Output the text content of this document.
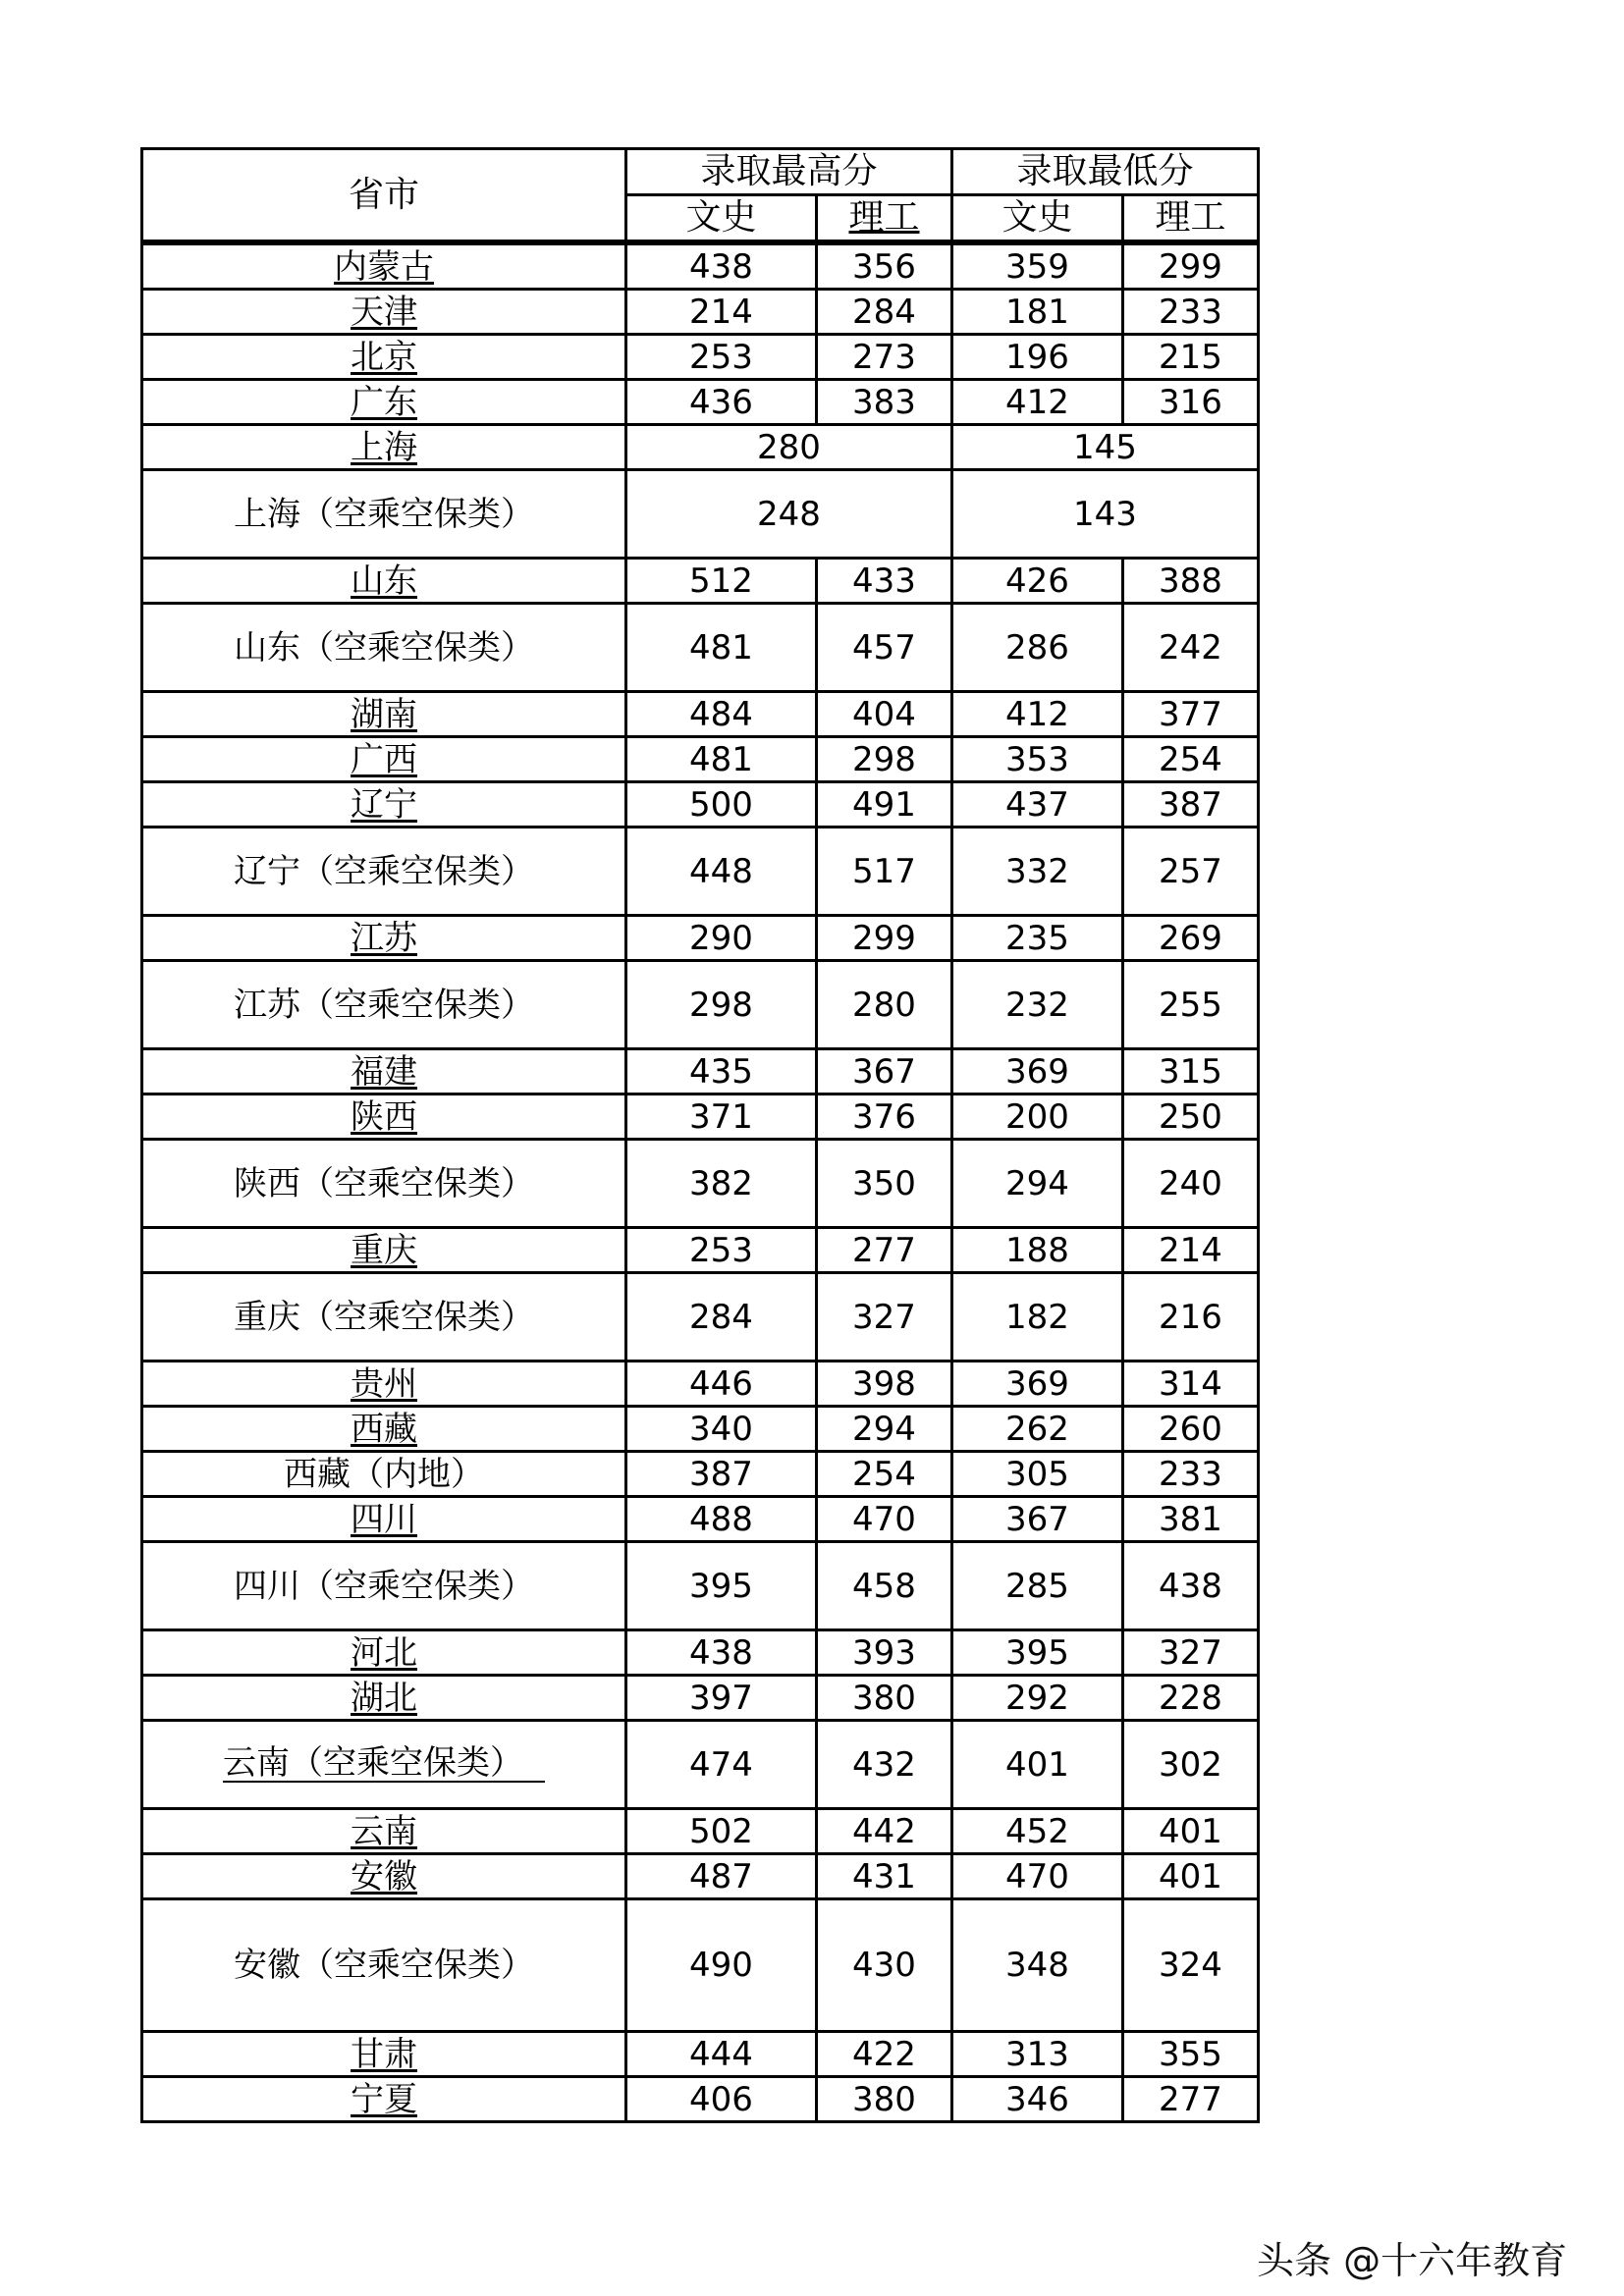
省市	录取最高分		录取最低分	
	文史	理工	文史	理工
内蒙古	438	356	359	299
天津	214	284	181	233
北京	253	273	196	215
广东	436	383	412	316
上海	280		145	
上海（空乘空保类）	248		143	
山东	512	433	426	388
山东（空乘空保类）	481	457	286	242
湖南	484	404	412	377
广西	481	298	353	254
辽宁	500	491	437	387
辽宁（空乘空保类）	448	517	332	257
江苏	290	299	235	269
江苏（空乘空保类）	298	280	232	255
福建	435	367	369	315
陕西	371	376	200	250
陕西（空乘空保类）	382	350	294	240
重庆	253	277	188	214
重庆（空乘空保类）	284	327	182	216
贵州	446	398	369	314
西藏	340	294	262	260
西藏（内地）	387	254	305	233
四川	488	470	367	381
四川（空乘空保类）	395	458	285	438
河北	438	393	395	327
湖北	397	380	292	228
云南（空乘空保类）	474	432	401	302
云南	502	442	452	401
安徽	487	431	470	401
安徽（空乘空保类）	490	430	348	324
甘肃	444	422	313	355
宁夏	406	380	346	277
头条 @十六年教育
